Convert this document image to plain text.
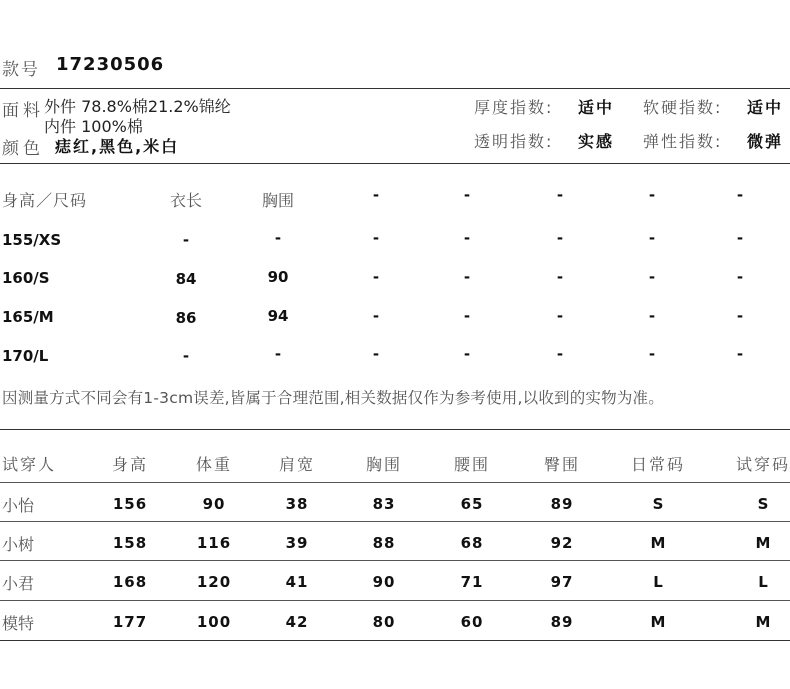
款号 17230506
面料 外件 78.8%棉21.2%锦纶
内件 100%棉
颜色 痣红,黑色,米白
厚度指数: 适中 软硬指数: 适中
透明指数: 实感 弹性指数: 微弹
身高／尺码	衣长	胸围	-	-	-	-	-
155/XS	-	-	-	-	-	-	-
160/S	84	90	-	-	-	-	-
165/M	86	94	-	-	-	-	-
170/L	-	-	-	-	-	-	-
因测量方式不同会有1-3cm误差,皆属于合理范围,相关数据仅作为参考使用,以收到的实物为准。
试穿人	身高	体重	肩宽	胸围	腰围	臀围	日常码	试穿码
小怡	156	90	38	83	65	89	S	S
小树	158	116	39	88	68	92	M	M
小君	168	120	41	90	71	97	L	L
模特	177	100	42	80	60	89	M	M
